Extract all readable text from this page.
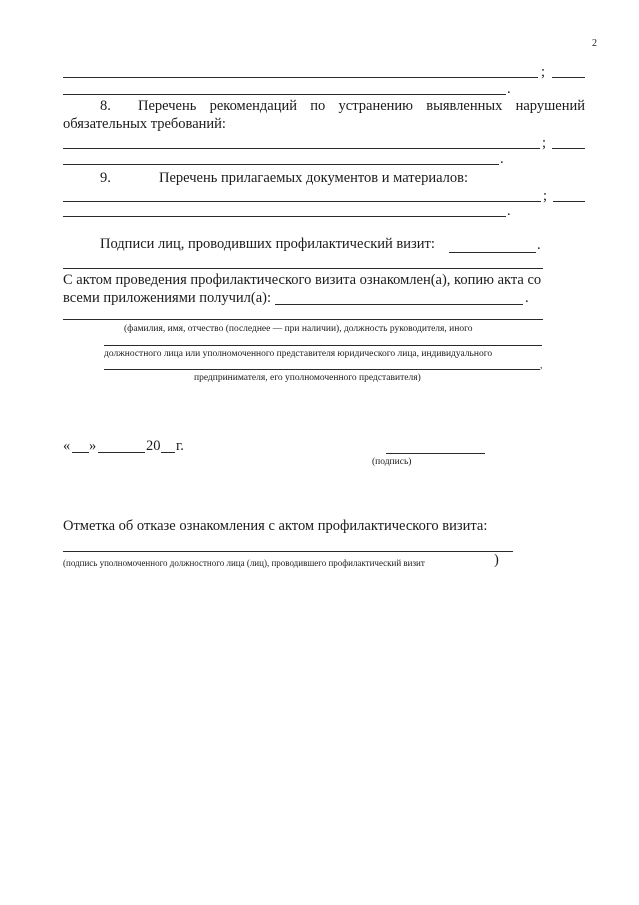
2
;
.
8. Перечень рекомендаций по устранению выявленных нарушений
обязательных требований:
;
.
9.	Перечень прилагаемых документов и материалов:
;
.
Подписи лиц, проводивших профилактический визит:	.
С актом проведения профилактического визита ознакомлен(а), копию акта со
всеми приложениями получил(а):	.
(фамилия, имя, отчество (последнее — при наличии), должность руководителя, иного
должностного лица или уполномоченного представителя юридического лица, индивидуального
,
предпринимателя, его уполномоченного представителя)
« »	20 г.
(подпись)
Отметка об отказе ознакомления с актом профилактического визита:
(подпись уполномоченного должностного лица (лиц), проводившего профилактический визит	)
